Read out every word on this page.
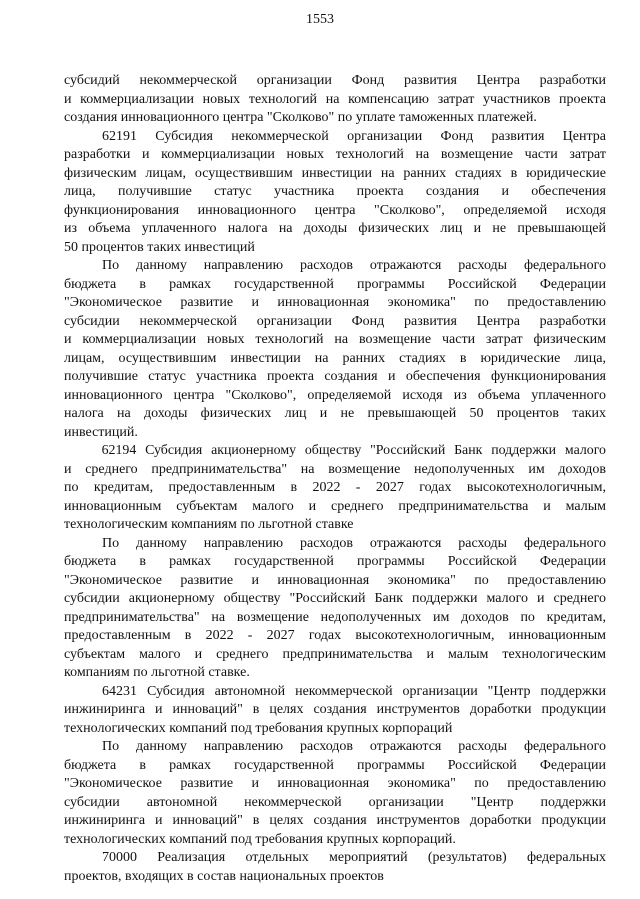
1553
субсидий некоммерческой организации Фонд развития Центра разработки
и коммерциализации новых технологий на компенсацию затрат участников проекта
создания инновационного центра "Сколково" по уплате таможенных платежей.
62191 Субсидия некоммерческой организации Фонд развития Центра
разработки и коммерциализации новых технологий на возмещение части затрат
физическим лицам, осуществившим инвестиции на ранних стадиях в юридические
лица, получившие статус участника проекта создания и обеспечения
функционирования инновационного центра "Сколково", определяемой исходя
из объема уплаченного налога на доходы физических лиц и не превышающей
50 процентов таких инвестиций
По данному направлению расходов отражаются расходы федерального
бюджета в рамках государственной программы Российской Федерации
"Экономическое развитие и инновационная экономика" по предоставлению
субсидии некоммерческой организации Фонд развития Центра разработки
и коммерциализации новых технологий на возмещение части затрат физическим
лицам, осуществившим инвестиции на ранних стадиях в юридические лица,
получившие статус участника проекта создания и обеспечения функционирования
инновационного центра "Сколково", определяемой исходя из объема уплаченного
налога на доходы физических лиц и не превышающей 50 процентов таких
инвестиций.
62194 Субсидия акционерному обществу "Российский Банк поддержки малого
и среднего предпринимательства" на возмещение недополученных им доходов
по кредитам, предоставленным в 2022 - 2027 годах высокотехнологичным,
инновационным субъектам малого и среднего предпринимательства и малым
технологическим компаниям по льготной ставке
По данному направлению расходов отражаются расходы федерального
бюджета в рамках государственной программы Российской Федерации
"Экономическое развитие и инновационная экономика" по предоставлению
субсидии акционерному обществу "Российский Банк поддержки малого и среднего
предпринимательства" на возмещение недополученных им доходов по кредитам,
предоставленным в 2022 - 2027 годах высокотехнологичным, инновационным
субъектам малого и среднего предпринимательства и малым технологическим
компаниям по льготной ставке.
64231 Субсидия автономной некоммерческой организации "Центр поддержки
инжиниринга и инноваций" в целях создания инструментов доработки продукции
технологических компаний под требования крупных корпораций
По данному направлению расходов отражаются расходы федерального
бюджета в рамках государственной программы Российской Федерации
"Экономическое развитие и инновационная экономика" по предоставлению
субсидии автономной некоммерческой организации "Центр поддержки
инжиниринга и инноваций" в целях создания инструментов доработки продукции
технологических компаний под требования крупных корпораций.
70000 Реализация отдельных мероприятий (результатов) федеральных
проектов, входящих в состав национальных проектов
